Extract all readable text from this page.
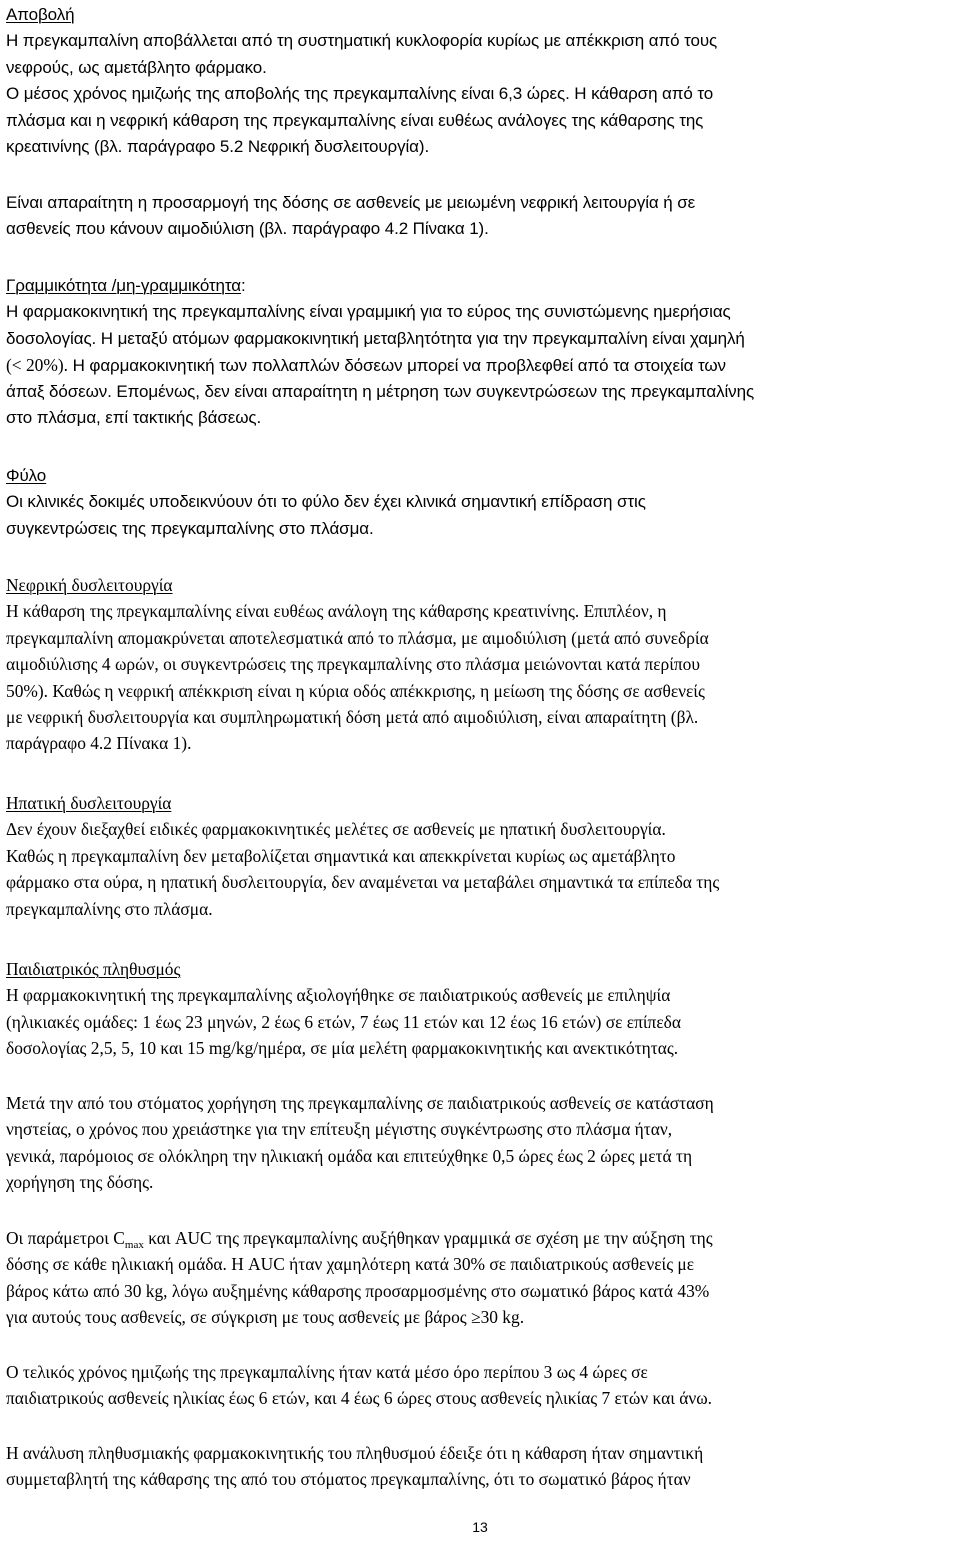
Αποβολή
Η πρεγκαμπαλίνη αποβάλλεται από τη συστηματική κυκλοφορία κυρίως με απέκκριση από τους
νεφρούς, ως αμετάβλητο φάρμακο.
Ο μέσος χρόνος ημιζωής της αποβολής της πρεγκαμπαλίνης είναι 6,3 ώρες. Η κάθαρση από το
πλάσμα και η νεφρική κάθαρση της πρεγκαμπαλίνης είναι ευθέως ανάλογες της κάθαρσης της
κρεατινίνης (βλ. παράγραφο 5.2 Νεφρική δυσλειτουργία).
Είναι απαραίτητη η προσαρμογή της δόσης σε ασθενείς με μειωμένη νεφρική λειτουργία ή σε
ασθενείς που κάνουν αιμοδιύλιση (βλ. παράγραφο 4.2 Πίνακα 1).
Γραμμικότητα /μη-γραμμικότητα:
Η φαρμακοκινητική της πρεγκαμπαλίνης είναι γραμμική για το εύρος της συνιστώμενης ημερήσιας
δοσολογίας. Η μεταξύ ατόμων φαρμακοκινητική μεταβλητότητα για την πρεγκαμπαλίνη είναι χαμηλή
(< 20%). Η φαρμακοκινητική των πολλαπλών δόσεων μπορεί να προβλεφθεί από τα στοιχεία των
άπαξ δόσεων. Επομένως, δεν είναι απαραίτητη η μέτρηση των συγκεντρώσεων της πρεγκαμπαλίνης
στο πλάσμα, επί τακτικής βάσεως.
Φύλο
Οι κλινικές δοκιμές υποδεικνύουν ότι το φύλο δεν έχει κλινικά σημαντική επίδραση στις
συγκεντρώσεις της πρεγκαμπαλίνης στο πλάσμα.
Νεφρική δυσλειτουργία
Η κάθαρση της πρεγκαμπαλίνης είναι ευθέως ανάλογη της κάθαρσης κρεατινίνης. Επιπλέον, η
πρεγκαμπαλίνη απομακρύνεται αποτελεσματικά από το πλάσμα, με αιμοδιύλιση (μετά από συνεδρία
αιμοδιύλισης 4 ωρών, οι συγκεντρώσεις της πρεγκαμπαλίνης στο πλάσμα μειώνονται κατά περίπου
50%). Καθώς η νεφρική απέκκριση είναι η κύρια οδός απέκκρισης, η μείωση της δόσης σε ασθενείς
με νεφρική δυσλειτουργία και συμπληρωματική δόση μετά από αιμοδιύλιση, είναι απαραίτητη (βλ.
παράγραφο 4.2 Πίνακα 1).
Ηπατική δυσλειτουργία
Δεν έχουν διεξαχθεί ειδικές φαρμακοκινητικές μελέτες σε ασθενείς με ηπατική δυσλειτουργία.
Καθώς η πρεγκαμπαλίνη δεν μεταβολίζεται σημαντικά και απεκκρίνεται κυρίως ως αμετάβλητο
φάρμακο στα ούρα, η ηπατική δυσλειτουργία, δεν αναμένεται να μεταβάλει σημαντικά τα επίπεδα της
πρεγκαμπαλίνης στο πλάσμα.
Παιδιατρικός πληθυσμός
Η φαρμακοκινητική της πρεγκαμπαλίνης αξιολογήθηκε σε παιδιατρικούς ασθενείς με επιληψία
(ηλικιακές ομάδες: 1 έως 23 μηνών, 2 έως 6 ετών, 7 έως 11 ετών και 12 έως 16 ετών) σε επίπεδα
δοσολογίας 2,5, 5, 10 και 15 mg/kg/ημέρα, σε μία μελέτη φαρμακοκινητικής και ανεκτικότητας.
Μετά την από του στόματος χορήγηση της πρεγκαμπαλίνης σε παιδιατρικούς ασθενείς σε κατάσταση
νηστείας, ο χρόνος που χρειάστηκε για την επίτευξη μέγιστης συγκέντρωσης στο πλάσμα ήταν,
γενικά, παρόμοιος σε ολόκληρη την ηλικιακή ομάδα και επιτεύχθηκε 0,5 ώρες έως 2 ώρες μετά τη
χορήγηση της δόσης.
Οι παράμετροι $C_{max}$ και AUC της πρεγκαμπαλίνης αυξήθηκαν γραμμικά σε σχέση με την αύξηση της
δόσης σε κάθε ηλικιακή ομάδα. Η AUC ήταν χαμηλότερη κατά 30% σε παιδιατρικούς ασθενείς με
βάρος κάτω από 30 kg, λόγω αυξημένης κάθαρσης προσαρμοσμένης στο σωματικό βάρος κατά 43%
για αυτούς τους ασθενείς, σε σύγκριση με τους ασθενείς με βάρος ≥30 kg.
Ο τελικός χρόνος ημιζωής της πρεγκαμπαλίνης ήταν κατά μέσο όρο περίπου 3 ως 4 ώρες σε
παιδιατρικούς ασθενείς ηλικίας έως 6 ετών, και 4 έως 6 ώρες στους ασθενείς ηλικίας 7 ετών και άνω.
Η ανάλυση πληθυσμιακής φαρμακοκινητικής του πληθυσμού έδειξε ότι η κάθαρση ήταν σημαντική
συμμεταβλητή της κάθαρσης της από του στόματος πρεγκαμπαλίνης, ότι το σωματικό βάρος ήταν
13
